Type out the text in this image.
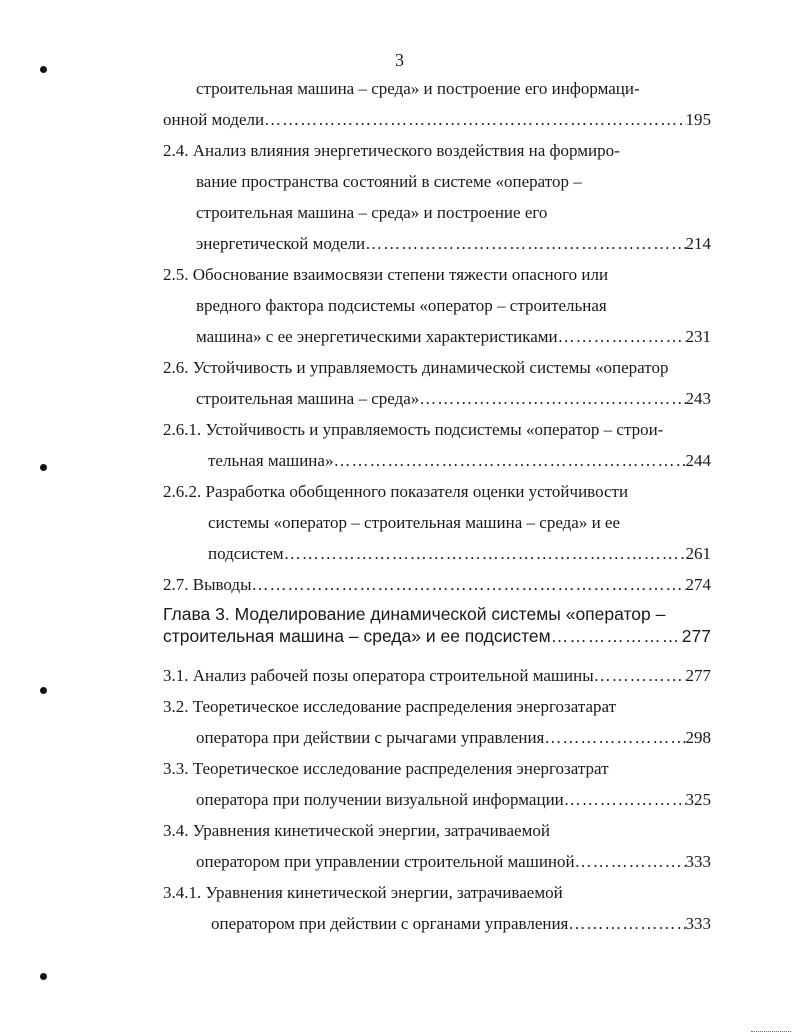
3
строительная машина – среда» и построение его информаци-
онной модели ………………………………………………………………………………………………………………………………	195
2.4. Анализ влияния энергетического воздействия на формиро-
вание пространства состояний в системе «оператор –
строительная машина – среда» и построение его
энергетической модели ………………………………………………………………………………………………………………………………	214
2.5. Обоснование взаимосвязи степени тяжести опасного или
вредного фактора подсистемы «оператор – строительная
машина» с ее энергетическими характеристиками ………………………………………………………………………………………………………………………………	231
2.6. Устойчивость и управляемость динамической системы «оператор
строительная машина – среда» ………………………………………………………………………………………………………………………………	243
2.6.1. Устойчивость и управляемость подсистемы «оператор – строи-
тельная машина» ………………………………………………………………………………………………………………………………	244
2.6.2. Разработка обобщенного показателя оценки устойчивости
системы «оператор – строительная машина – среда» и ее
подсистем ………………………………………………………………………………………………………………………………	261
2.7. Выводы ………………………………………………………………………………………………………………………………	274
Глава 3. Моделирование динамической системы «оператор –
строительная машина – среда» и ее подсистем ………………………………………………………………………………………………………………………………	277
3.1. Анализ рабочей позы оператора строительной машины ………………………………………………………………………………………………………………………………	277
3.2. Теоретическое исследование распределения энергозатарат
оператора при действии с рычагами управления ………………………………………………………………………………………………………………………………	298
3.3. Теоретическое исследование распределения энергозатрат
оператора при получении визуальной информации ………………………………………………………………………………………………………………………………	325
3.4. Уравнения кинетической энергии, затрачиваемой
оператором при управлении строительной машиной ………………………………………………………………………………………………………………………………	333
3.4.1. Уравнения кинетической энергии, затрачиваемой
оператором при действии с органами управления ………………………………………………………………………………………………………………………………	333
